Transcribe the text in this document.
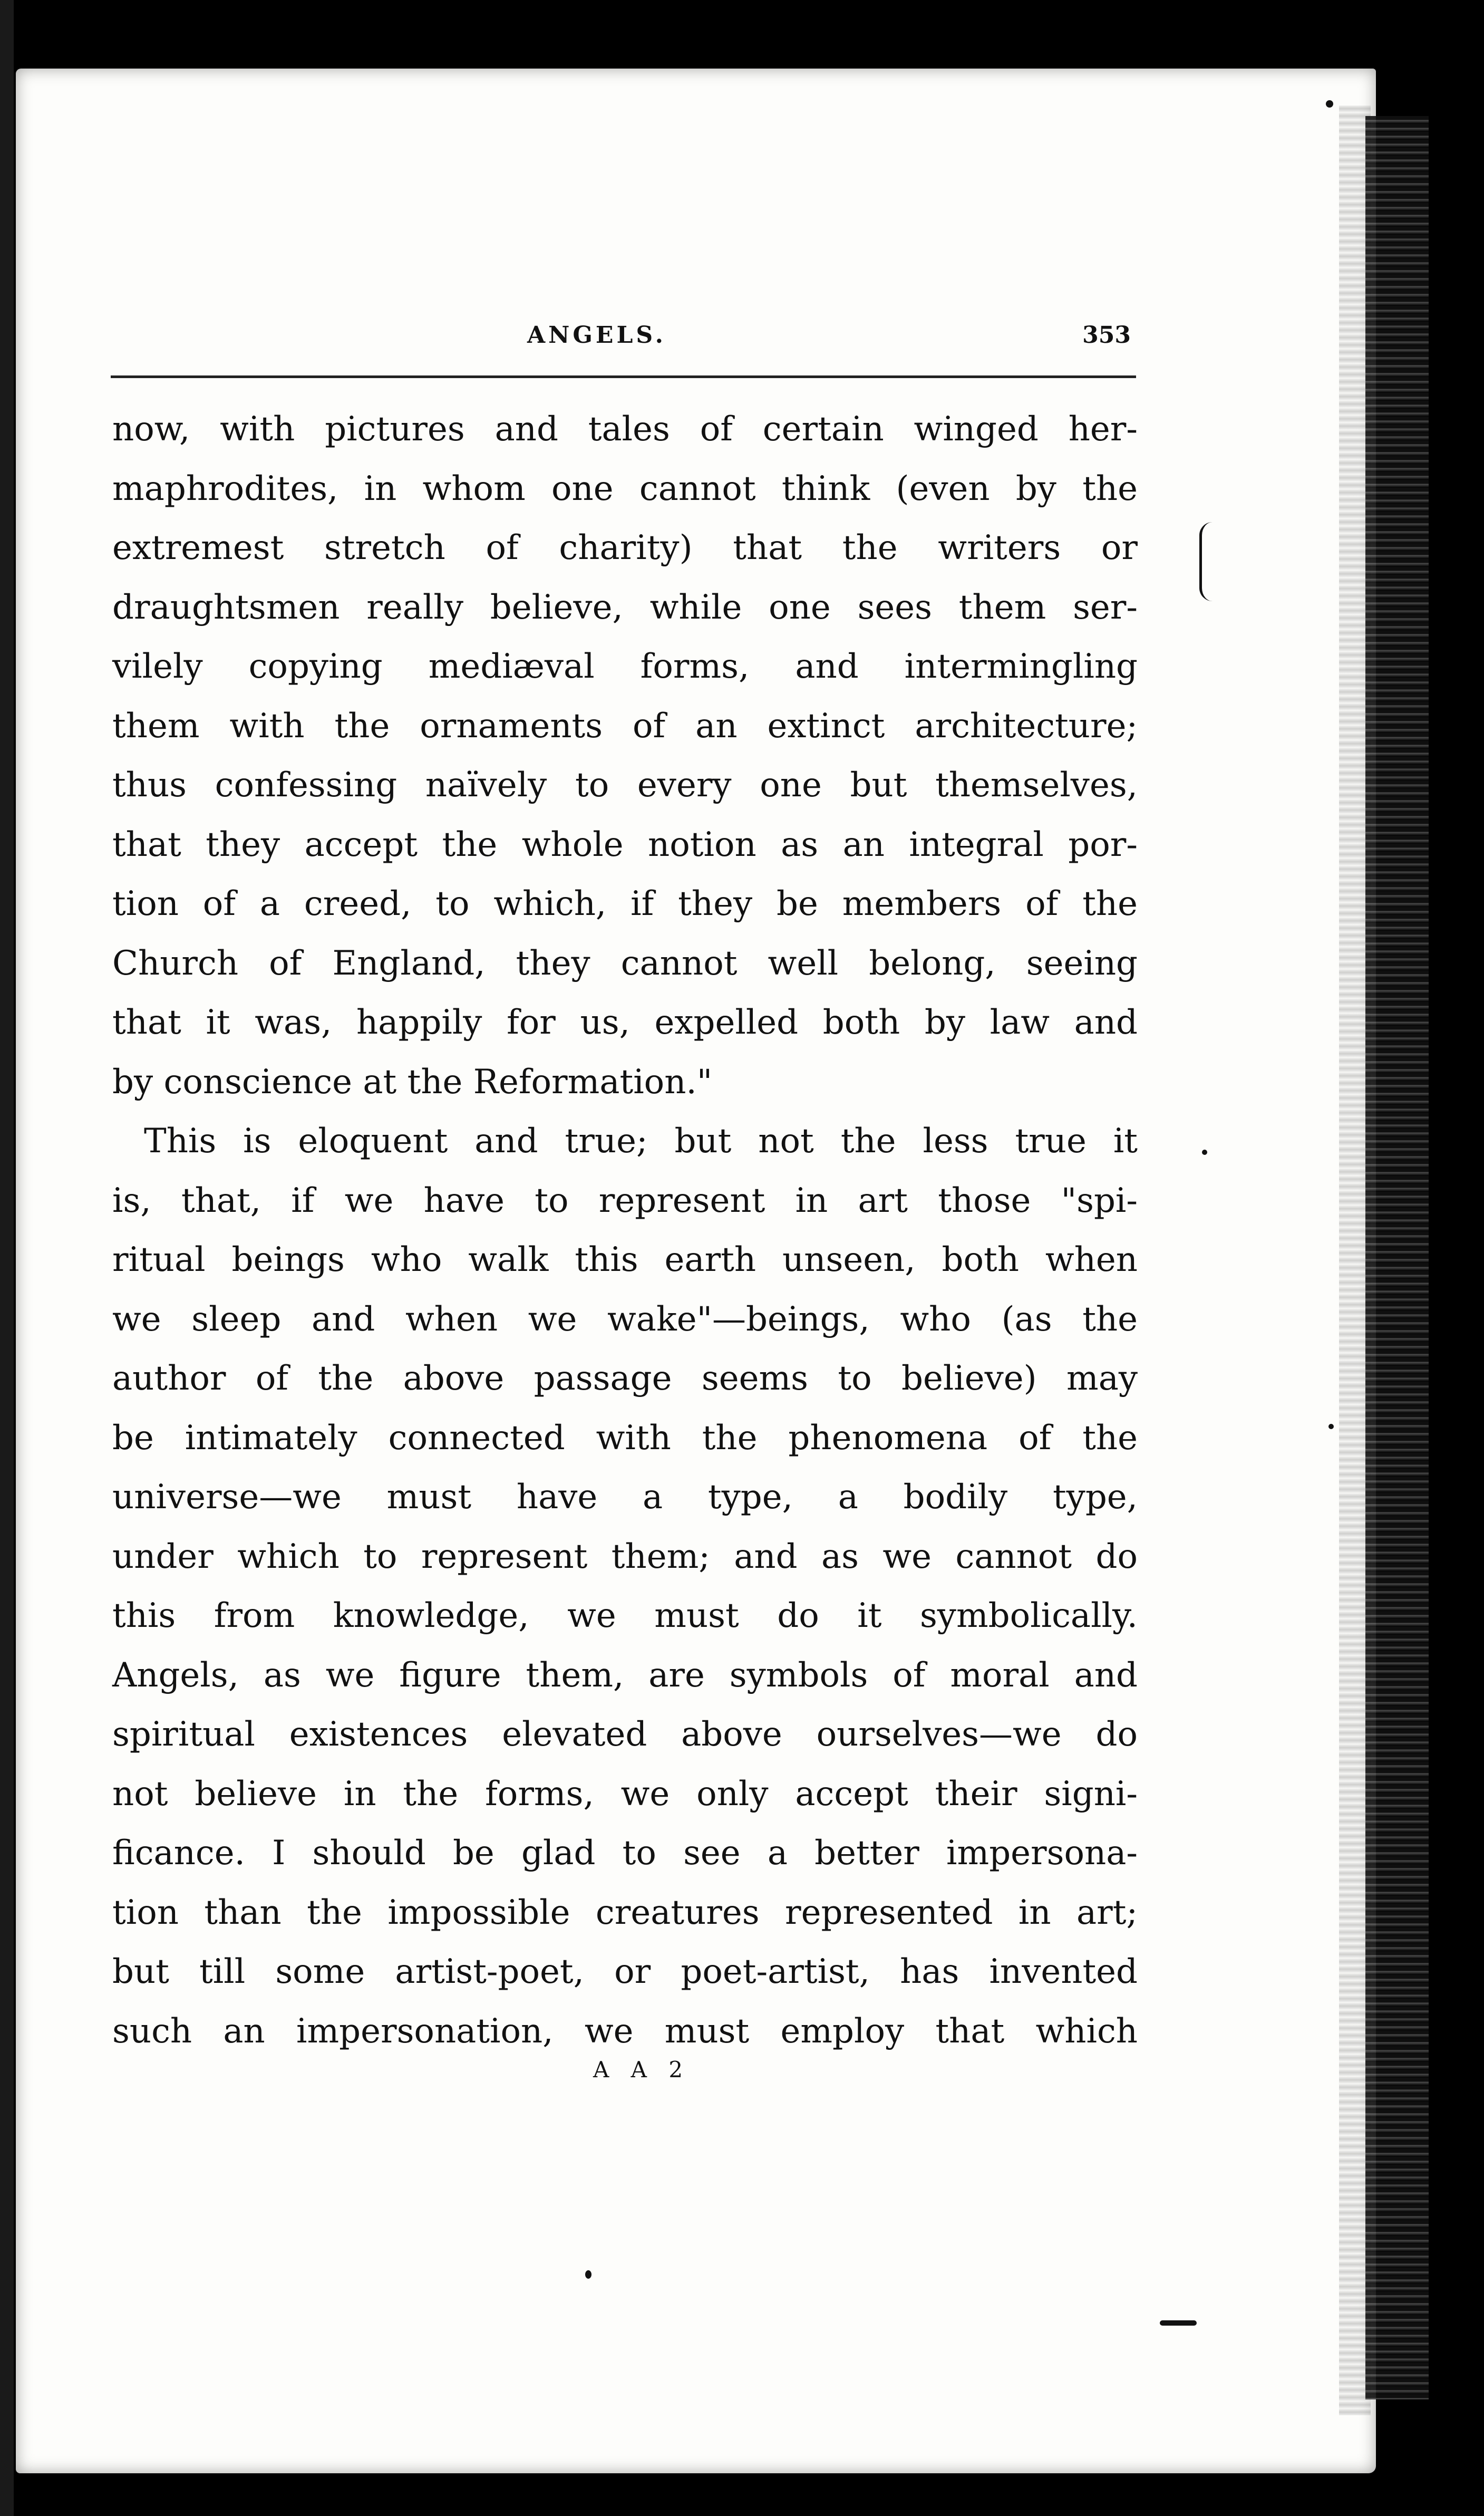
ANGELS.	353
now, with pictures and tales of certain winged her-
maphrodites, in whom one cannot think (even by the
extremest stretch of charity) that the writers or
draughtsmen really believe, while one sees them ser-
vilely copying mediæval forms, and intermingling
them with the ornaments of an extinct architecture;
thus confessing naïvely to every one but themselves,
that they accept the whole notion as an integral por-
tion of a creed, to which, if they be members of the
Church of England, they cannot well belong, seeing
that it was, happily for us, expelled both by law and
by conscience at the Reformation."
This is eloquent and true; but not the less true it
is, that, if we have to represent in art those "spi-
ritual beings who walk this earth unseen, both when
we sleep and when we wake"—beings, who (as the
author of the above passage seems to believe) may
be intimately connected with the phenomena of the
universe—we must have a type, a bodily type,
under which to represent them; and as we cannot do
this from knowledge, we must do it symbolically.
Angels, as we figure them, are symbols of moral and
spiritual existences elevated above ourselves—we do
not believe in the forms, we only accept their signi-
ficance. I should be glad to see a better impersona-
tion than the impossible creatures represented in art;
but till some artist-poet, or poet-artist, has invented
such an impersonation, we must employ that which
A A 2
